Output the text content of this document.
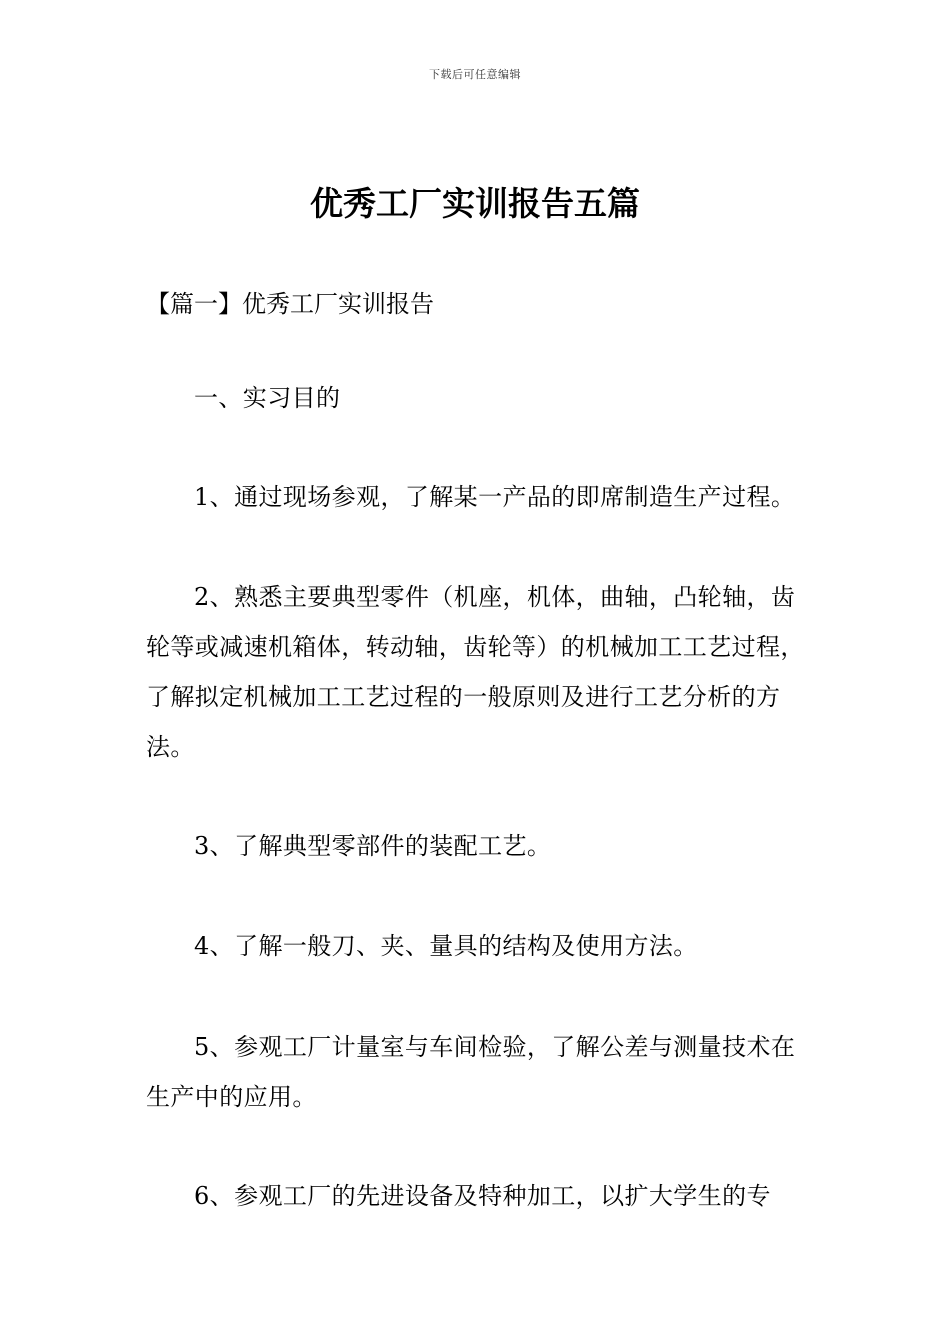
下载后可任意编辑
优秀工厂实训报告五篇

【篇一】优秀工厂实训报告

一、实习目的

1、通过现场参观，了解某一产品的即席制造生产过程。

2、熟悉主要典型零件（机座，机体，曲轴，凸轮轴，齿轮等或减速机箱体，转动轴，齿轮等）的机械加工工艺过程，了解拟定机械加工工艺过程的一般原则及进行工艺分析的方法。

3、了解典型零部件的装配工艺。

4、了解一般刀、夹、量具的结构及使用方法。

5、参观工厂计量室与车间检验，了解公差与测量技术在生产中的应用。

6、参观工厂的先进设备及特种加工，以扩大学生的专
